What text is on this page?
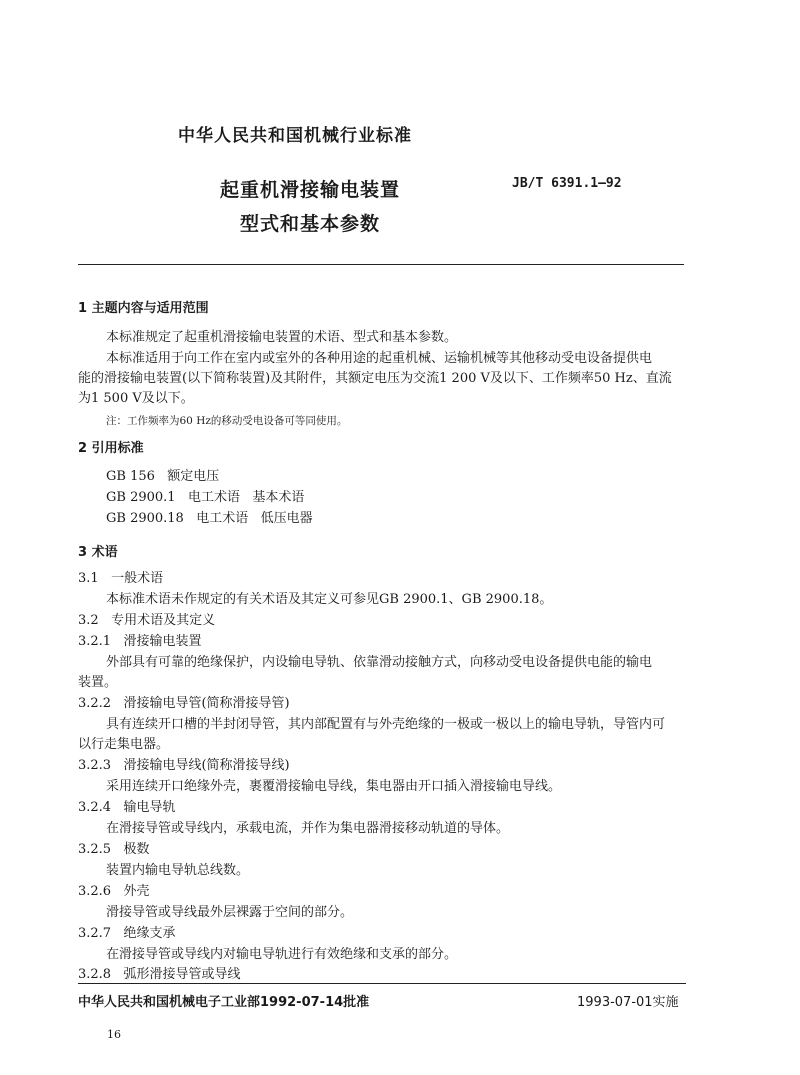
中华人民共和国机械行业标准
起重机滑接输电装置
型式和基本参数
JB/T 6391.1—92
1 主题内容与适用范围
本标准规定了起重机滑接输电装置的术语、型式和基本参数。
本标准适用于向工作在室内或室外的各种用途的起重机械、运输机械等其他移动受电设备提供电
能的滑接输电装置(以下简称装置)及其附件，其额定电压为交流1 200 V及以下、工作频率50 Hz、直流
为1 500 V及以下。
注：工作频率为60 Hz的移动受电设备可等同使用。
2 引用标准
GB 156   额定电压
GB 2900.1   电工术语   基本术语
GB 2900.18   电工术语   低压电器
3 术语
3.1   一般术语
本标准术语未作规定的有关术语及其定义可参见GB 2900.1、GB 2900.18。
3.2   专用术语及其定义
3.2.1   滑接输电装置
外部具有可靠的绝缘保护，内设输电导轨、依靠滑动接触方式，向移动受电设备提供电能的输电
装置。
3.2.2   滑接输电导管(简称滑接导管)
具有连续开口槽的半封闭导管，其内部配置有与外壳绝缘的一极或一极以上的输电导轨，导管内可
以行走集电器。
3.2.3   滑接输电导线(简称滑接导线)
采用连续开口绝缘外壳，裹覆滑接输电导线，集电器由开口插入滑接输电导线。
3.2.4   输电导轨
在滑接导管或导线内，承载电流，并作为集电器滑接移动轨道的导体。
3.2.5   极数
装置内输电导轨总线数。
3.2.6   外壳
滑接导管或导线最外层裸露于空间的部分。
3.2.7   绝缘支承
在滑接导管或导线内对输电导轨进行有效绝缘和支承的部分。
3.2.8   弧形滑接导管或导线
中华人民共和国机械电子工业部1992-07-14批准	1993-07-01实施
16
